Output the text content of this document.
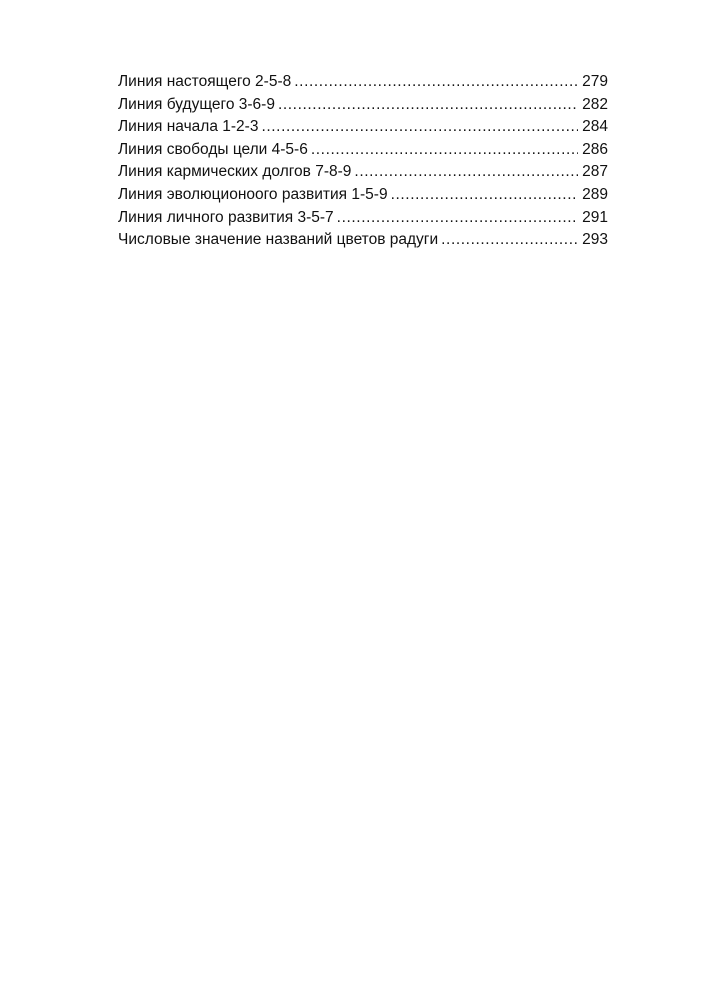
Линия настоящего 2-5-8 .....	279
Линия будущего 3-6-9 .....	282
Линия начала 1-2-3 .....	284
Линия свободы цели 4-5-6 .....	286
Линия кармических долгов 7-8-9 .....	287
Линия эволюционоого развития 1-5-9 .....	289
Линия личного развития 3-5-7 .....	291
Числовые значение названий цветов радуги .....	293
